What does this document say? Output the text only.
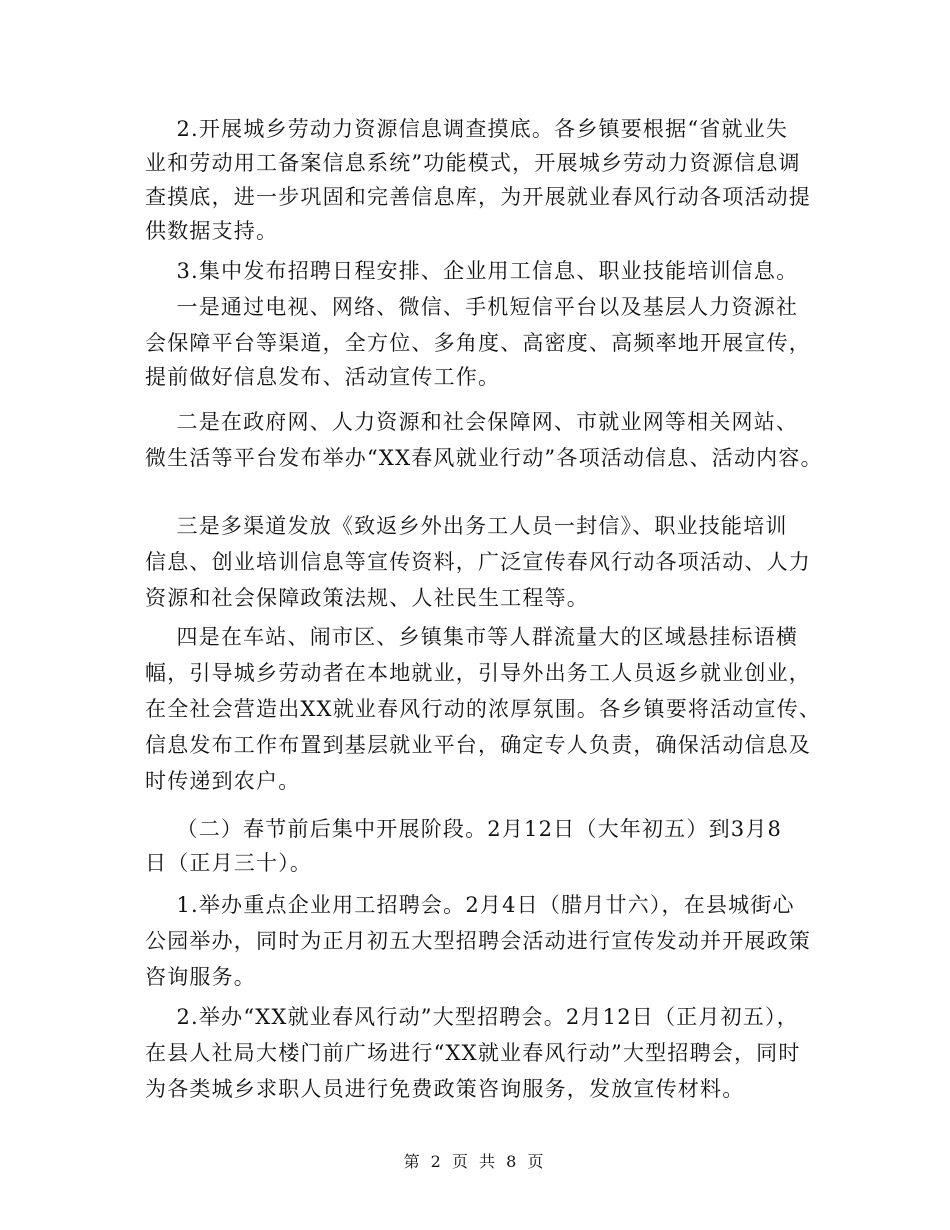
2.开展城乡劳动力资源信息调查摸底。各乡镇要根据“省就业失
业和劳动用工备案信息系统”功能模式，开展城乡劳动力资源信息调
查摸底，进一步巩固和完善信息库，为开展就业春风行动各项活动提
供数据支持。
3.集中发布招聘日程安排、企业用工信息、职业技能培训信息。
一是通过电视、网络、微信、手机短信平台以及基层人力资源社
会保障平台等渠道，全方位、多角度、高密度、高频率地开展宣传，
提前做好信息发布、活动宣传工作。
二是在政府网、人力资源和社会保障网、市就业网等相关网站、
微生活等平台发布举办“XX春风就业行动”各项活动信息、活动内容。
三是多渠道发放《致返乡外出务工人员一封信》、职业技能培训
信息、创业培训信息等宣传资料，广泛宣传春风行动各项活动、人力
资源和社会保障政策法规、人社民生工程等。
四是在车站、闹市区、乡镇集市等人群流量大的区域悬挂标语横
幅，引导城乡劳动者在本地就业，引导外出务工人员返乡就业创业，
在全社会营造出XX就业春风行动的浓厚氛围。各乡镇要将活动宣传、
信息发布工作布置到基层就业平台，确定专人负责，确保活动信息及
时传递到农户。
（二）春节前后集中开展阶段。2月12日（大年初五）到3月8
日（正月三十）。
1.举办重点企业用工招聘会。2月4日（腊月廿六），在县城街心
公园举办，同时为正月初五大型招聘会活动进行宣传发动并开展政策
咨询服务。
2.举办“XX就业春风行动”大型招聘会。2月12日（正月初五），
在县人社局大楼门前广场进行“XX就业春风行动”大型招聘会，同时
为各类城乡求职人员进行免费政策咨询服务，发放宣传材料。
第 2 页 共 8 页
